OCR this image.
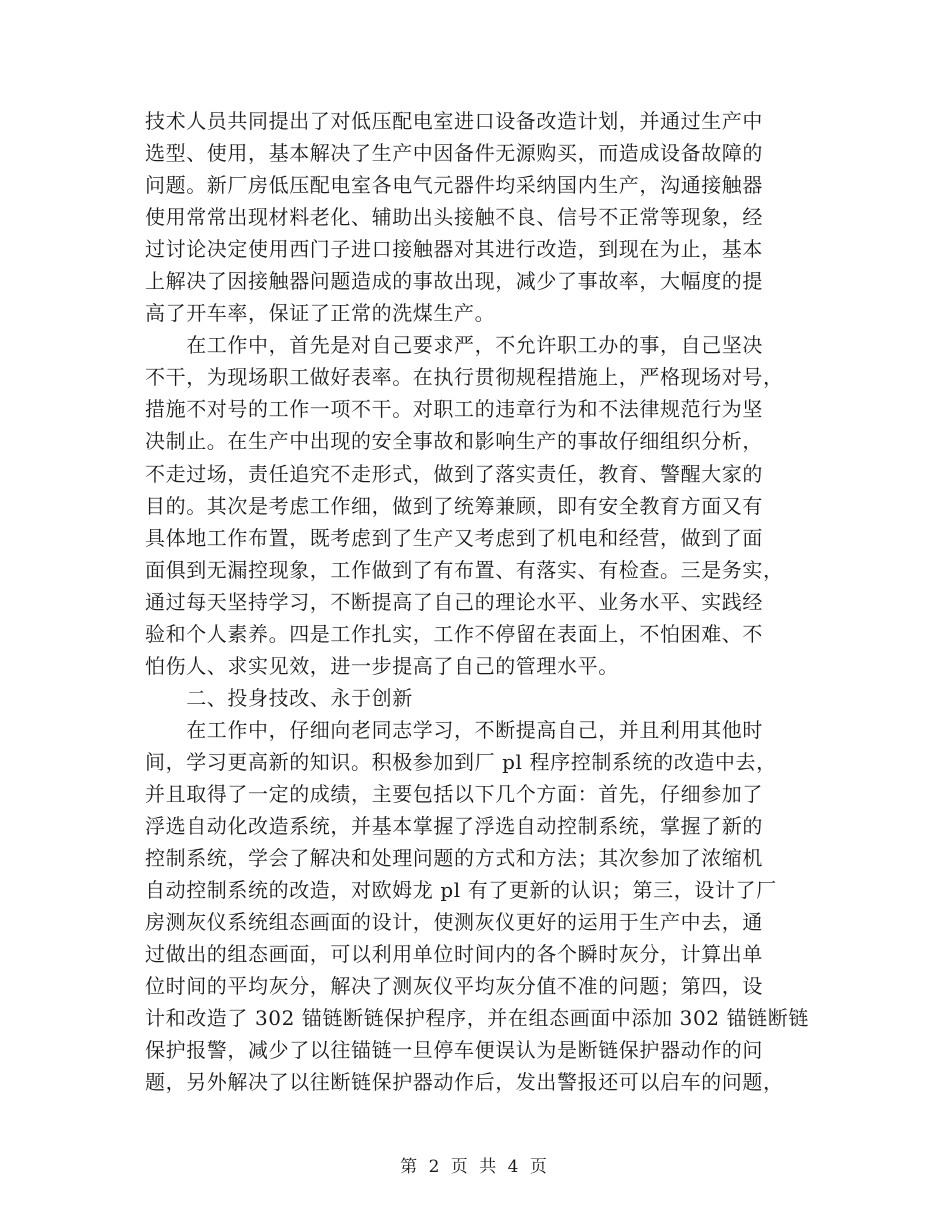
技术人员共同提出了对低压配电室进口设备改造计划，并通过生产中
选型、使用，基本解决了生产中因备件无源购买，而造成设备故障的
问题。新厂房低压配电室各电气元器件均采纳国内生产，沟通接触器
使用常常出现材料老化、辅助出头接触不良、信号不正常等现象，经
过讨论决定使用西门子进口接触器对其进行改造，到现在为止，基本
上解决了因接触器问题造成的事故出现，减少了事故率，大幅度的提
高了开车率，保证了正常的洗煤生产。
　　在工作中，首先是对自己要求严，不允许职工办的事，自己坚决
不干，为现场职工做好表率。在执行贯彻规程措施上，严格现场对号，
措施不对号的工作一项不干。对职工的违章行为和不法律规范行为坚
决制止。在生产中出现的安全事故和影响生产的事故仔细组织分析，
不走过场，责任追究不走形式，做到了落实责任，教育、警醒大家的
目的。其次是考虑工作细，做到了统筹兼顾，即有安全教育方面又有
具体地工作布置，既考虑到了生产又考虑到了机电和经营，做到了面
面俱到无漏控现象，工作做到了有布置、有落实、有检查。三是务实，
通过每天坚持学习，不断提高了自己的理论水平、业务水平、实践经
验和个人素养。四是工作扎实，工作不停留在表面上，不怕困难、不
怕伤人、求实见效，进一步提高了自己的管理水平。
　　二、投身技改、永于创新
　　在工作中，仔细向老同志学习，不断提高自己，并且利用其他时
间，学习更高新的知识。积极参加到厂 pl 程序控制系统的改造中去，
并且取得了一定的成绩，主要包括以下几个方面：首先，仔细参加了
浮选自动化改造系统，并基本掌握了浮选自动控制系统，掌握了新的
控制系统，学会了解决和处理问题的方式和方法；其次参加了浓缩机
自动控制系统的改造，对欧姆龙 pl 有了更新的认识；第三，设计了厂
房测灰仪系统组态画面的设计，使测灰仪更好的运用于生产中去，通
过做出的组态画面，可以利用单位时间内的各个瞬时灰分，计算出单
位时间的平均灰分，解决了测灰仪平均灰分值不准的问题；第四，设
计和改造了 302 锚链断链保护程序，并在组态画面中添加 302 锚链断链
保护报警，减少了以往锚链一旦停车便误认为是断链保护器动作的问
题，另外解决了以往断链保护器动作后，发出警报还可以启车的问题，
第 2 页 共 4 页
